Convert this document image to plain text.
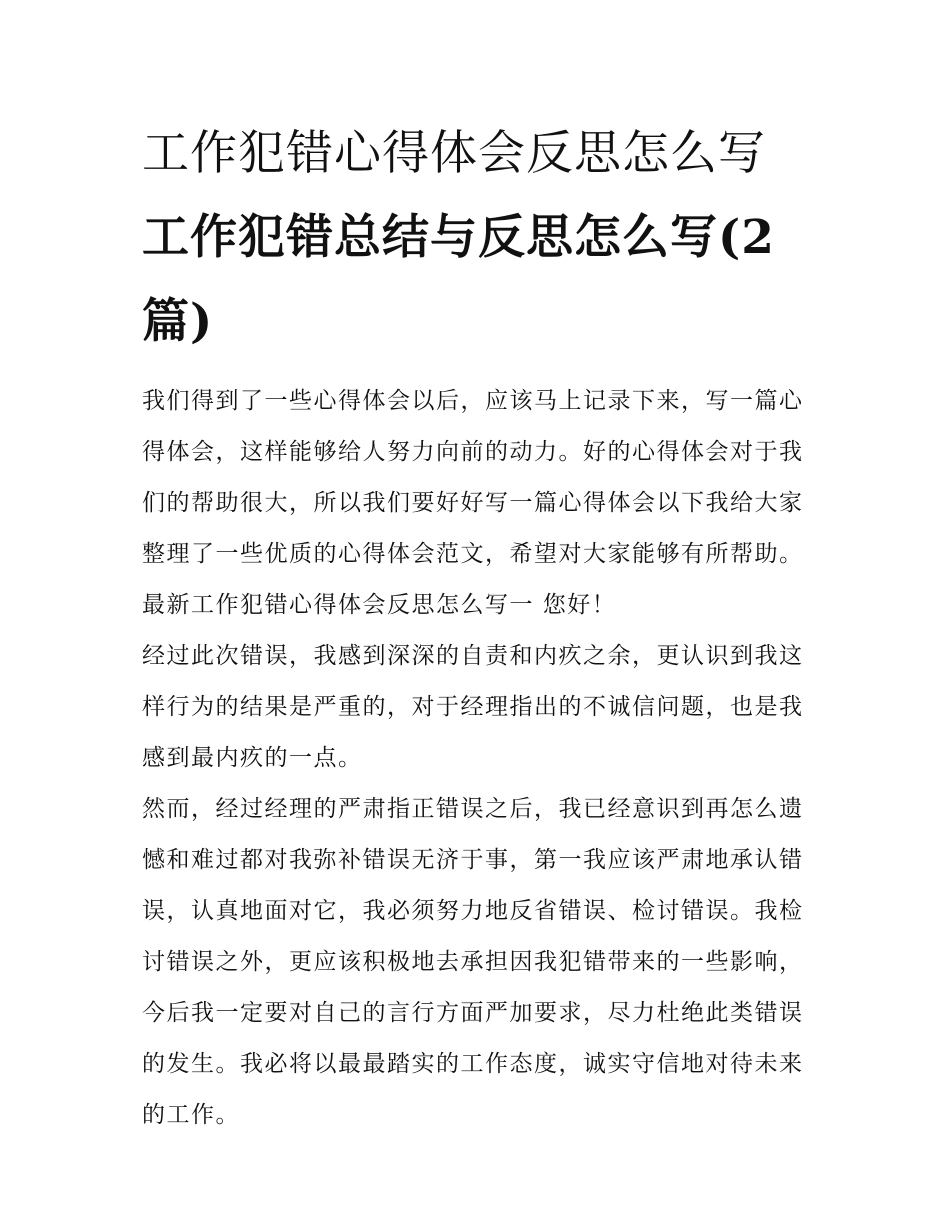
工作犯错心得体会反思怎么写
工作犯错总结与反思怎么写(2
篇)
我们得到了一些心得体会以后，应该马上记录下来，写一篇心
得体会，这样能够给人努力向前的动力。好的心得体会对于我
们的帮助很大，所以我们要好好写一篇心得体会以下我给大家
整理了一些优质的心得体会范文，希望对大家能够有所帮助。
最新工作犯错心得体会反思怎么写一 您好！
经过此次错误，我感到深深的自责和内疚之余，更认识到我这
样行为的结果是严重的，对于经理指出的不诚信问题，也是我
感到最内疚的一点。
然而，经过经理的严肃指正错误之后，我已经意识到再怎么遗
憾和难过都对我弥补错误无济于事，第一我应该严肃地承认错
误，认真地面对它，我必须努力地反省错误、检讨错误。我检
讨错误之外，更应该积极地去承担因我犯错带来的一些影响，
今后我一定要对自己的言行方面严加要求，尽力杜绝此类错误
的发生。我必将以最最踏实的工作态度，诚实守信地对待未来
的工作。
